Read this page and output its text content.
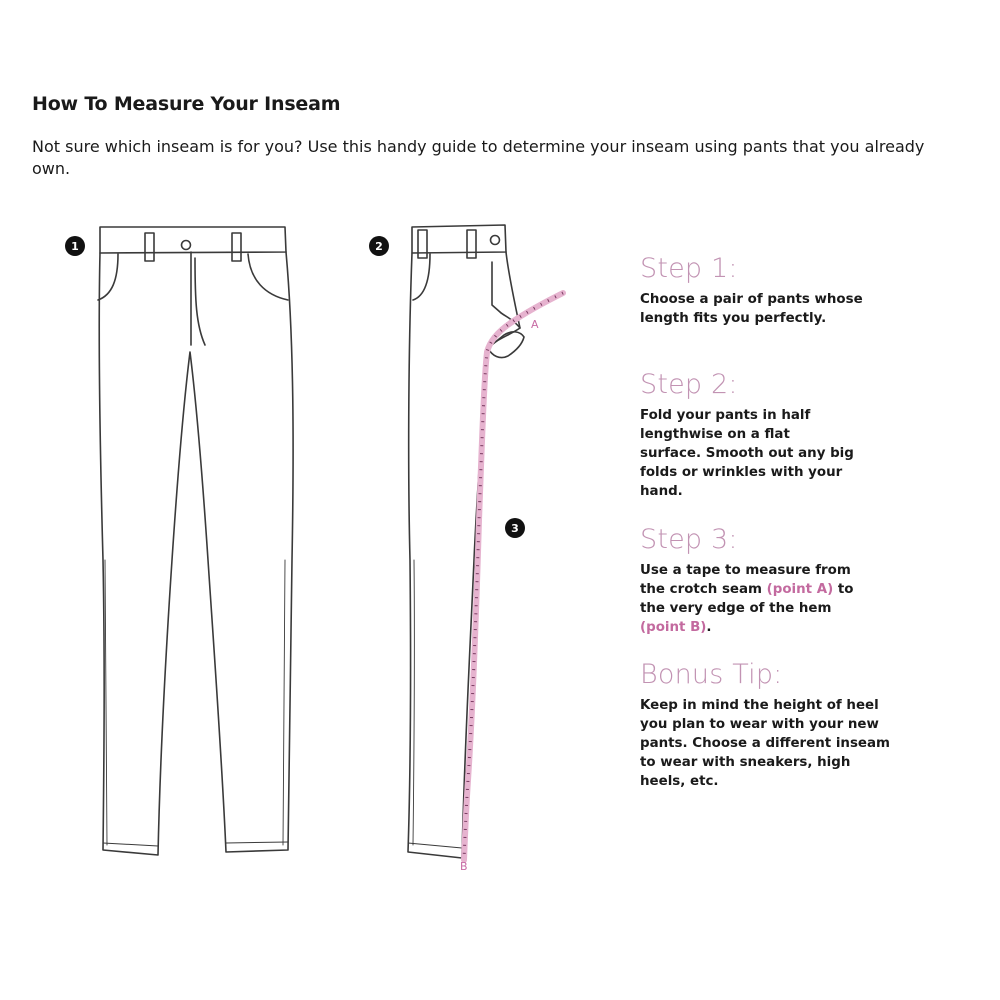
How To Measure Your Inseam

Not sure which inseam is for you? Use this handy guide to determine your inseam using pants that you already own.

1	2
3
A
B
Step 1:

Choose a pair of pants whose length fits you perfectly.

Step 2:

Fold your pants in half lengthwise on a flat surface. Smooth out any big folds or wrinkles with your hand.

Step 3:

Use a tape to measure from the crotch seam (point A) to the very edge of the hem (point B).

Bonus Tip:

Keep in mind the height of heel you plan to wear with your new pants. Choose a different inseam to wear with sneakers, high heels, etc.
